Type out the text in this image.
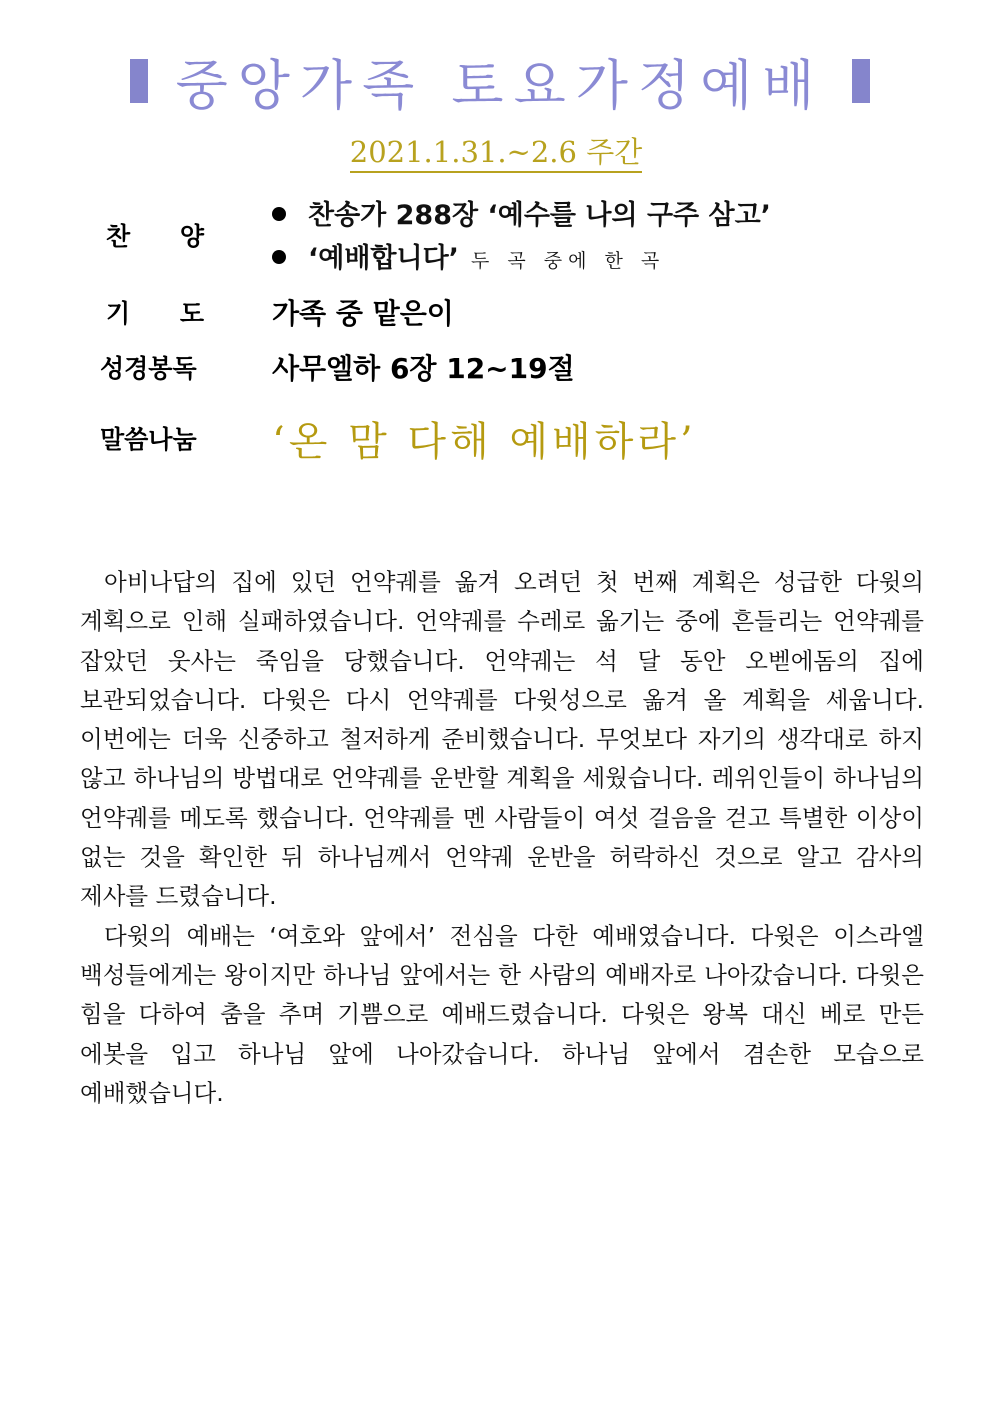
중앙가족 토요가정예배
2021.1.31.~2.6 주간
찬 양
찬송가 288장 ‘예수를 나의 구주 삼고’
‘예배합니다’ 두 곡 중에 한 곡
기 도 가족 중 맡은이
성경봉독	사무엘하 6장 12~19절
말씀나눔	‘온 맘 다해 예배하라’

아비나답의 집에 있던 언약궤를 옮겨 오려던 첫 번째 계획은 성급한 다윗의 계획으로 인해 실패하였습니다. 언약궤를 수레로 옮기는 중에 흔들리는 언약궤를 잡았던 웃사는 죽임을 당했습니다. 언약궤는 석 달 동안 오벧에돔의 집에 보관되었습니다. 다윗은 다시 언약궤를 다윗성으로 옮겨 올 계획을 세웁니다. 이번에는 더욱 신중하고 철저하게 준비했습니다. 무엇보다 자기의 생각대로 하지 않고 하나님의 방법대로 언약궤를 운반할 계획을 세웠습니다. 레위인들이 하나님의 언약궤를 메도록 했습니다. 언약궤를 멘 사람들이 여섯 걸음을 걷고 특별한 이상이 없는 것을 확인한 뒤 하나님께서 언약궤 운반을 허락하신 것으로 알고 감사의 제사를 드렸습니다.

다윗의 예배는 ‘여호와 앞에서’ 전심을 다한 예배였습니다. 다윗은 이스라엘 백성들에게는 왕이지만 하나님 앞에서는 한 사람의 예배자로 나아갔습니다. 다윗은 힘을 다하여 춤을 추며 기쁨으로 예배드렸습니다. 다윗은 왕복 대신 베로 만든 에봇을 입고 하나님 앞에 나아갔습니다. 하나님 앞에서 겸손한 모습으로 예배했습니다.
